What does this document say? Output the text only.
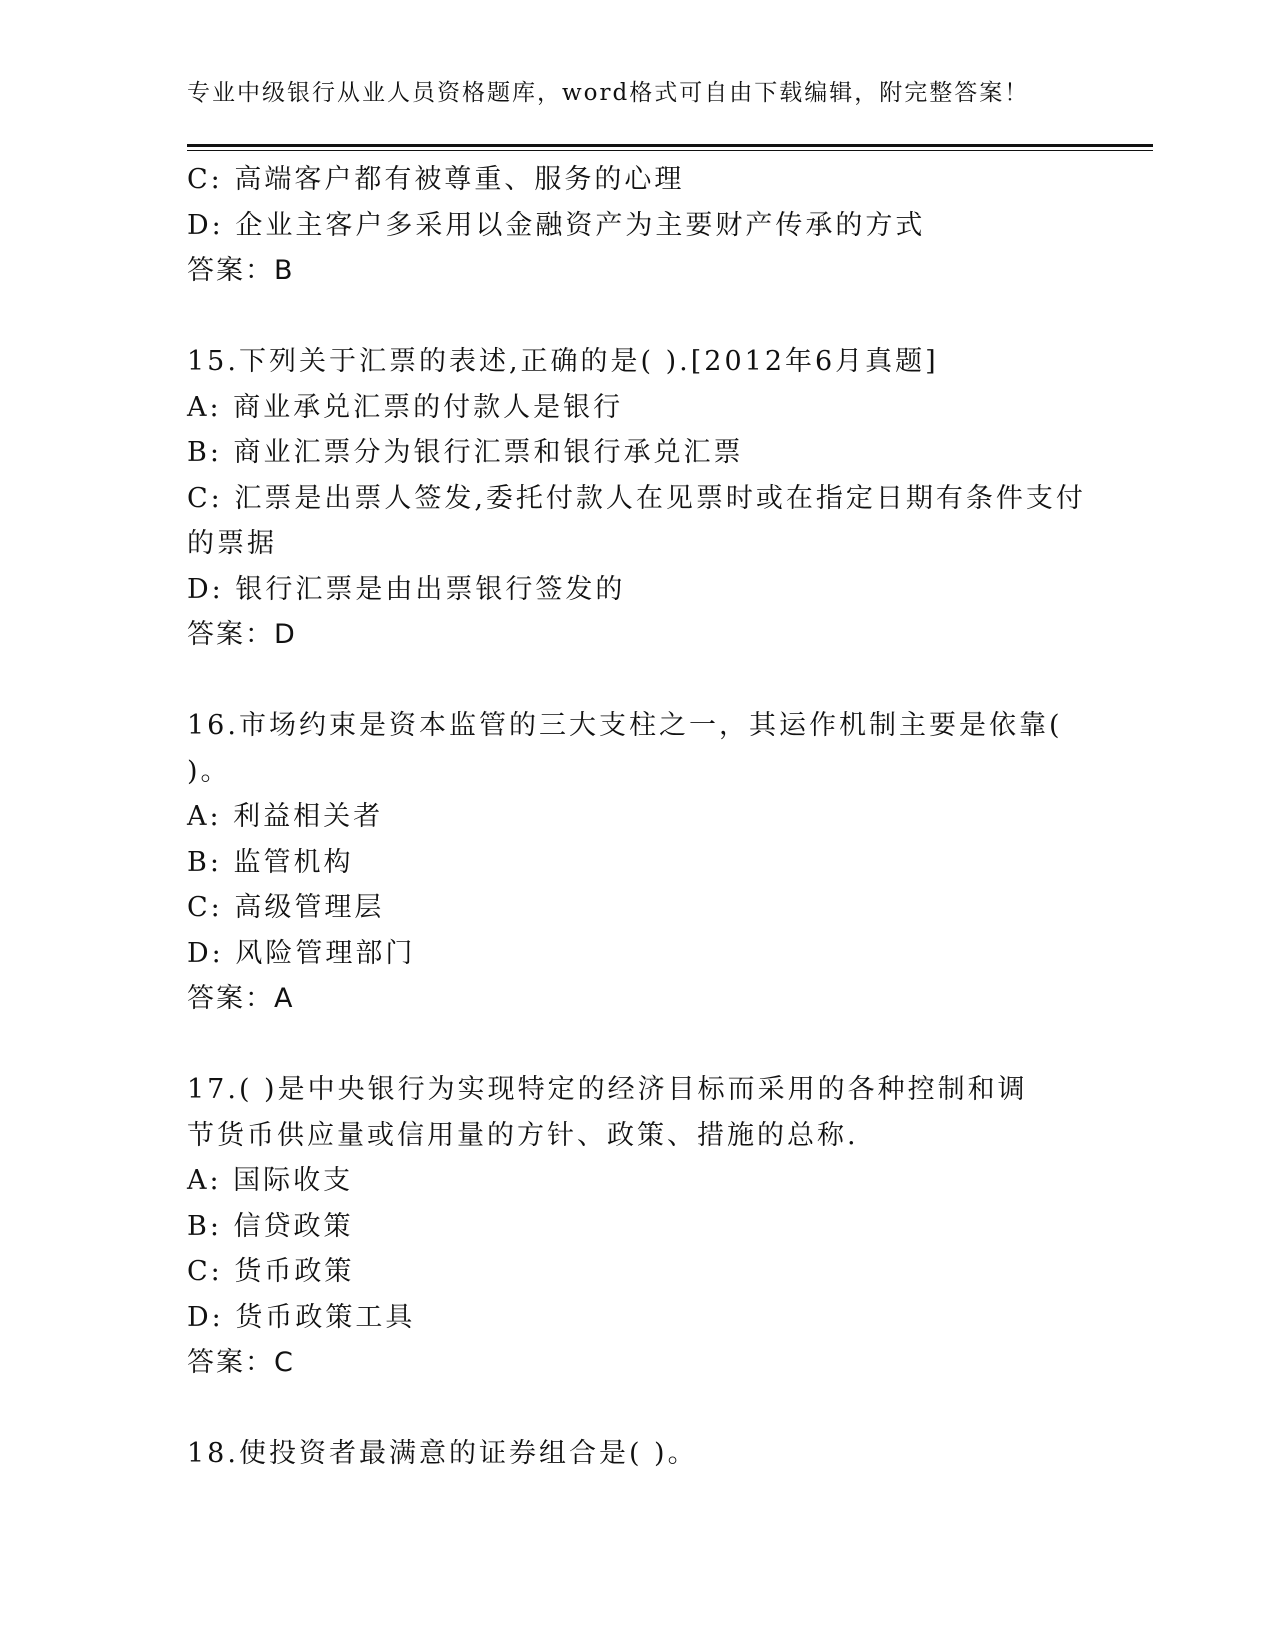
专业中级银行从业人员资格题库，word格式可自由下载编辑，附完整答案！
C: 高端客户都有被尊重、服务的心理
D: 企业主客户多采用以金融资产为主要财产传承的方式
答案：B
15.下列关于汇票的表述,正确的是( ).[2012年6月真题]
A: 商业承兑汇票的付款人是银行
B: 商业汇票分为银行汇票和银行承兑汇票
C: 汇票是出票人签发,委托付款人在见票时或在指定日期有条件支付
的票据
D: 银行汇票是由出票银行签发的
答案：D
16.市场约束是资本监管的三大支柱之一，其运作机制主要是依靠(
)。
A: 利益相关者
B: 监管机构
C: 高级管理层
D: 风险管理部门
答案：A
17.( )是中央银行为实现特定的经济目标而采用的各种控制和调
节货币供应量或信用量的方针、政策、措施的总称.
A: 国际收支
B: 信贷政策
C: 货币政策
D: 货币政策工具
答案：C
18.使投资者最满意的证券组合是( )。
